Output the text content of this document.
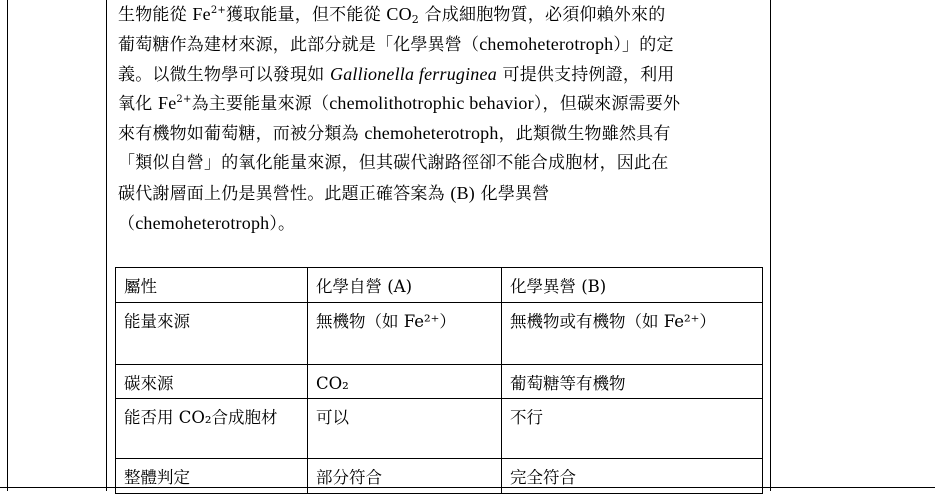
生物能從 $Fe^{2+}$獲取能量，但不能從 $CO_2$ 合成細胞物質，必須仰賴外來的
葡萄糖作為建材來源，此部分就是「化學異營（chemoheterotroph）」的定
義。以微生物學可以發現如 Gallionella ferruginea 可提供支持例證，利用
氧化 $Fe^{2+}$為主要能量來源（chemolithotrophic behavior），但碳來源需要外
來有機物如葡萄糖，而被分類為 chemoheterotroph，此類微生物雖然具有
「類似自營」的氧化能量來源，但其碳代謝路徑卻不能合成胞材，因此在
碳代謝層面上仍是異營性。此題正確答案為 (B) 化學異營
（chemoheterotroph）。
屬性	化學自營 (A)	化學異營 (B)

能量來源	無機物（如 Fe²⁺）	無機物或有機物（如 Fe²⁺）

碳來源	CO₂	葡萄糖等有機物

能否用 CO₂合成胞材	可以	不行

整體判定	部分符合	完全符合
